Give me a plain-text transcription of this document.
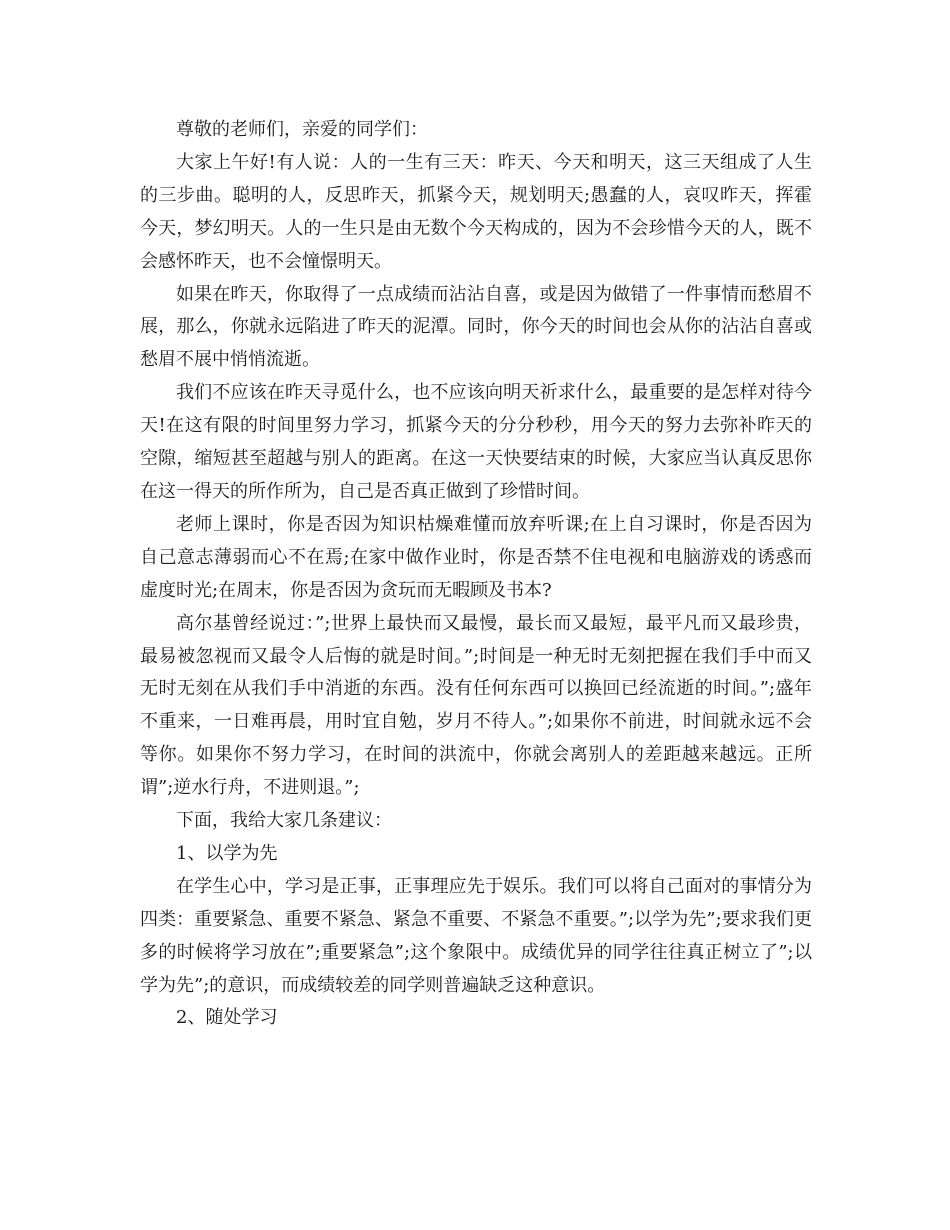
尊敬的老师们，亲爱的同学们：

大家上午好!有人说：人的一生有三天：昨天、今天和明天，这三天组成了人生的三步曲。聪明的人，反思昨天，抓紧今天，规划明天;愚蠢的人，哀叹昨天，挥霍今天，梦幻明天。人的一生只是由无数个今天构成的，因为不会珍惜今天的人，既不会感怀昨天，也不会憧憬明天。

如果在昨天，你取得了一点成绩而沾沾自喜，或是因为做错了一件事情而愁眉不展，那么，你就永远陷进了昨天的泥潭。同时，你今天的时间也会从你的沾沾自喜或愁眉不展中悄悄流逝。

我们不应该在昨天寻觅什么，也不应该向明天祈求什么，最重要的是怎样对待今天!在这有限的时间里努力学习，抓紧今天的分分秒秒，用今天的努力去弥补昨天的空隙，缩短甚至超越与别人的距离。在这一天快要结束的时候，大家应当认真反思你在这一得天的所作所为，自己是否真正做到了珍惜时间。

老师上课时，你是否因为知识枯燥难懂而放弃听课;在上自习课时，你是否因为自己意志薄弱而心不在焉;在家中做作业时，你是否禁不住电视和电脑游戏的诱惑而虚度时光;在周末，你是否因为贪玩而无暇顾及书本?

高尔基曾经说过：”;世界上最快而又最慢，最长而又最短，最平凡而又最珍贵，最易被忽视而又最令人后悔的就是时间。”;时间是一种无时无刻把握在我们手中而又无时无刻在从我们手中消逝的东西。没有任何东西可以换回已经流逝的时间。”;盛年不重来，一日难再晨，用时宜自勉，岁月不待人。”;如果你不前进，时间就永远不会等你。如果你不努力学习，在时间的洪流中，你就会离别人的差距越来越远。正所谓”;逆水行舟，不进则退。”;

下面，我给大家几条建议：

1、以学为先

在学生心中，学习是正事，正事理应先于娱乐。我们可以将自己面对的事情分为四类：重要紧急、重要不紧急、紧急不重要、不紧急不重要。”;以学为先”;要求我们更多的时候将学习放在”;重要紧急”;这个象限中。成绩优异的同学往往真正树立了”;以学为先”;的意识，而成绩较差的同学则普遍缺乏这种意识。

2、随处学习
